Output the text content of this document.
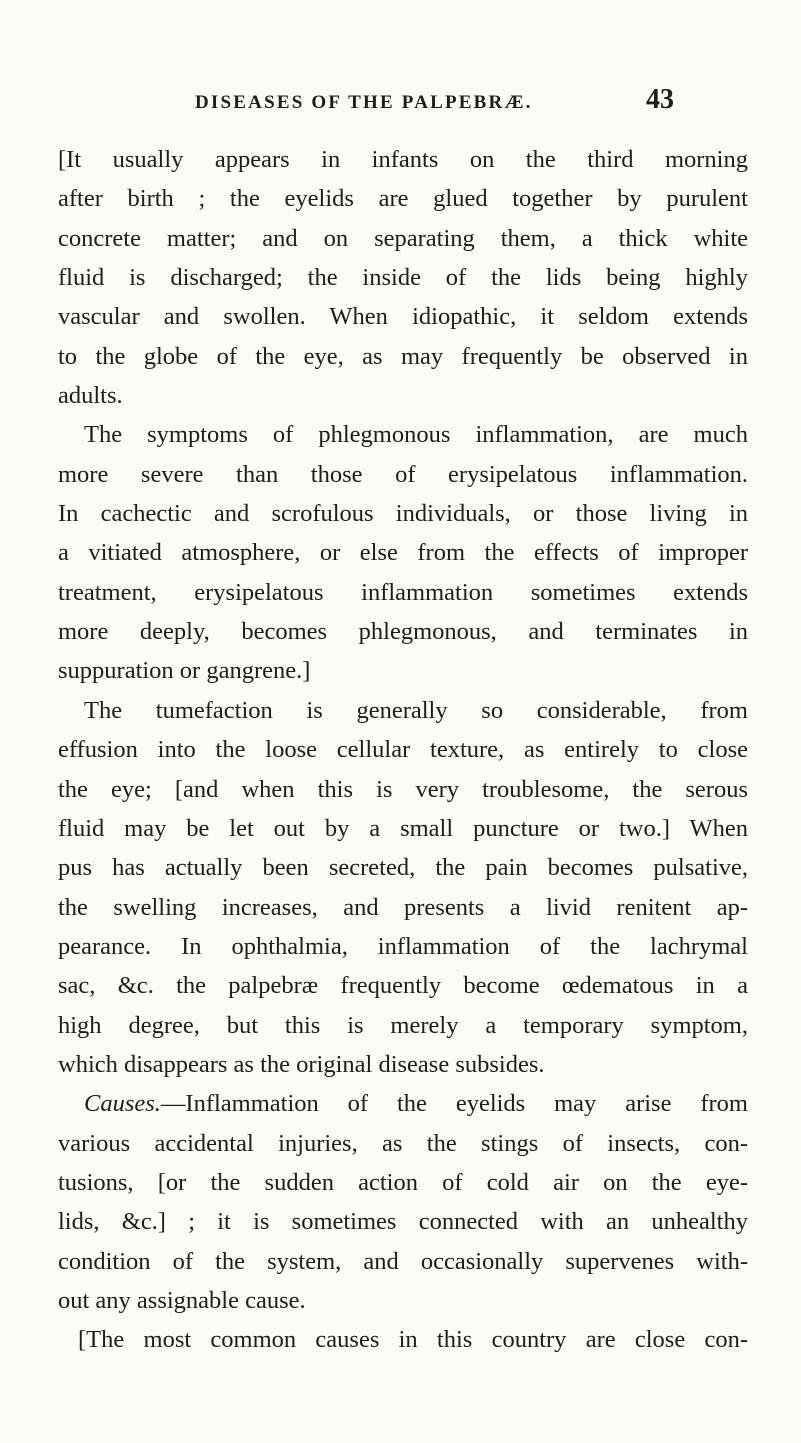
DISEASES OF THE PALPEBRÆ.	43
[It usually appears in infants on the third morning
after birth ; the eyelids are glued together by purulent
concrete matter; and on separating them, a thick white
fluid is discharged; the inside of the lids being highly
vascular and swollen. When idiopathic, it seldom extends
to the globe of the eye, as may frequently be observed in
adults.
The symptoms of phlegmonous inflammation, are much
more severe than those of erysipelatous inflammation.
In cachectic and scrofulous individuals, or those living in
a vitiated atmosphere, or else from the effects of improper
treatment, erysipelatous inflammation sometimes extends
more deeply, becomes phlegmonous, and terminates in
suppuration or gangrene.]
The tumefaction is generally so considerable, from
effusion into the loose cellular texture, as entirely to close
the eye; [and when this is very troublesome, the serous
fluid may be let out by a small puncture or two.] When
pus has actually been secreted, the pain becomes pulsative,
the swelling increases, and presents a livid renitent ap-
pearance. In ophthalmia, inflammation of the lachrymal
sac, &c. the palpebræ frequently become œdematous in a
high degree, but this is merely a temporary symptom,
which disappears as the original disease subsides.
Causes.—Inflammation of the eyelids may arise from
various accidental injuries, as the stings of insects, con-
tusions, [or the sudden action of cold air on the eye-
lids, &c.] ; it is sometimes connected with an unhealthy
condition of the system, and occasionally supervenes with-
out any assignable cause.
[The most common causes in this country are close con-
